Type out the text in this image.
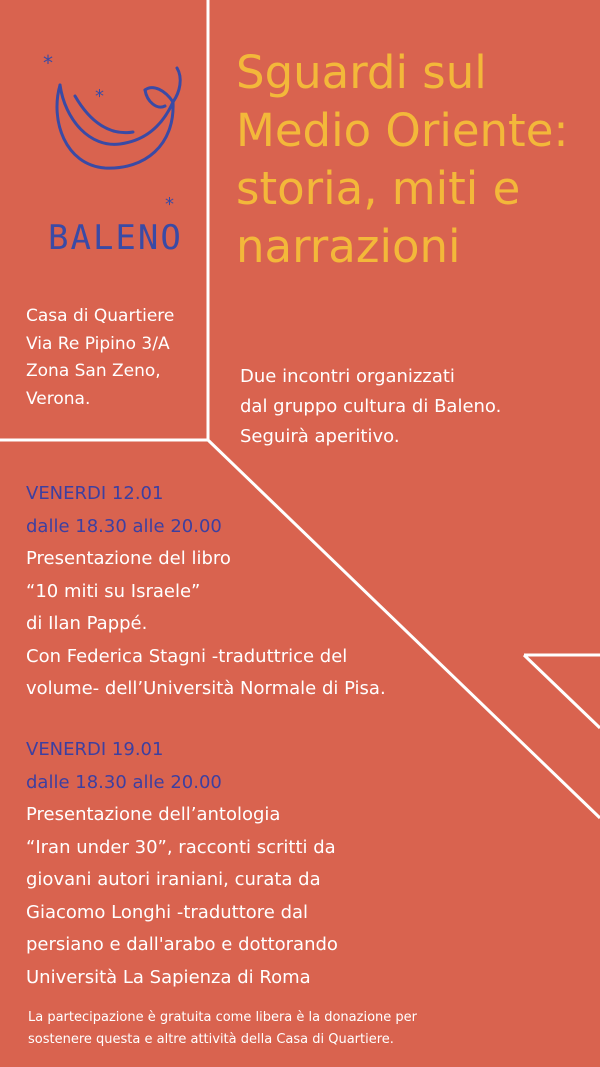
*
*
*
BALENO
Sguardi sul Medio Oriente: storia, miti e narrazioni
Casa di Quartiere
Via Re Pipino 3/A
Zona San Zeno,
Verona.
Due incontri organizzati
dal gruppo cultura di Baleno.
Seguirà aperitivo.
VENERDI 12.01
dalle 18.30 alle 20.00
Presentazione del libro
“10 miti su Israele”
di Ilan Pappé.
Con Federica Stagni -traduttrice del
volume- dell’Università Normale di Pisa.
VENERDI 19.01
dalle 18.30 alle 20.00
Presentazione dell’antologia
“Iran under 30”, racconti scritti da
giovani autori iraniani, curata da
Giacomo Longhi -traduttore dal
persiano e dall'arabo e dottorando
Università La Sapienza di Roma
La partecipazione è gratuita come libera è la donazione per
sostenere questa e altre attività della Casa di Quartiere.
